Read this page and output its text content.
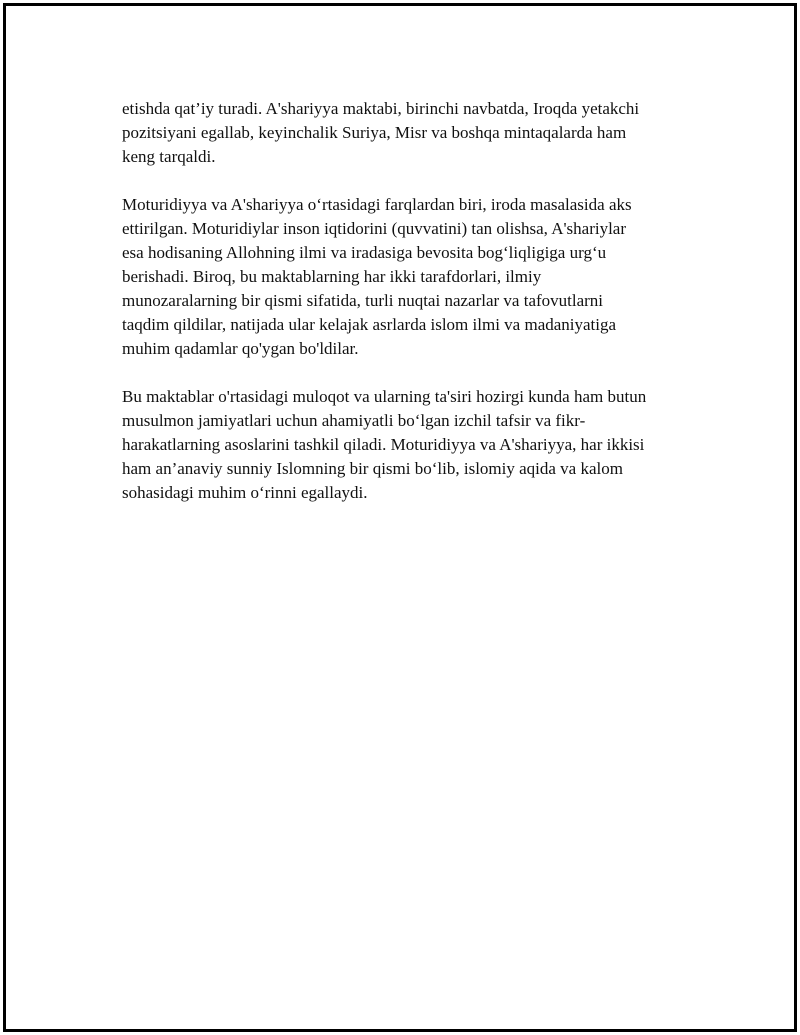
etishda qat’iy turadi. A'shariyya maktabi, birinchi navbatda, Iroqda yetakchi
pozitsiyani egallab, keyinchalik Suriya, Misr va boshqa mintaqalarda ham
keng tarqaldi.

Moturidiyya va A'shariyya o‘rtasidagi farqlardan biri, iroda masalasida aks
ettirilgan. Moturidiylar inson iqtidorini (quvvatini) tan olishsa, A'shariylar
esa hodisaning Allohning ilmi va iradasiga bevosita bog‘liqligiga urg‘u
berishadi. Biroq, bu maktablarning har ikki tarafdorlari, ilmiy
munozaralarning bir qismi sifatida, turli nuqtai nazarlar va tafovutlarni
taqdim qildilar, natijada ular kelajak asrlarda islom ilmi va madaniyatiga
muhim qadamlar qo'ygan bo'ldilar.

Bu maktablar o'rtasidagi muloqot va ularning ta'siri hozirgi kunda ham butun
musulmon jamiyatlari uchun ahamiyatli bo‘lgan izchil tafsir va fikr-
harakatlarning asoslarini tashkil qiladi. Moturidiyya va A'shariyya, har ikkisi
ham an’anaviy sunniy Islomning bir qismi bo‘lib, islomiy aqida va kalom
sohasidagi muhim o‘rinni egallaydi.
